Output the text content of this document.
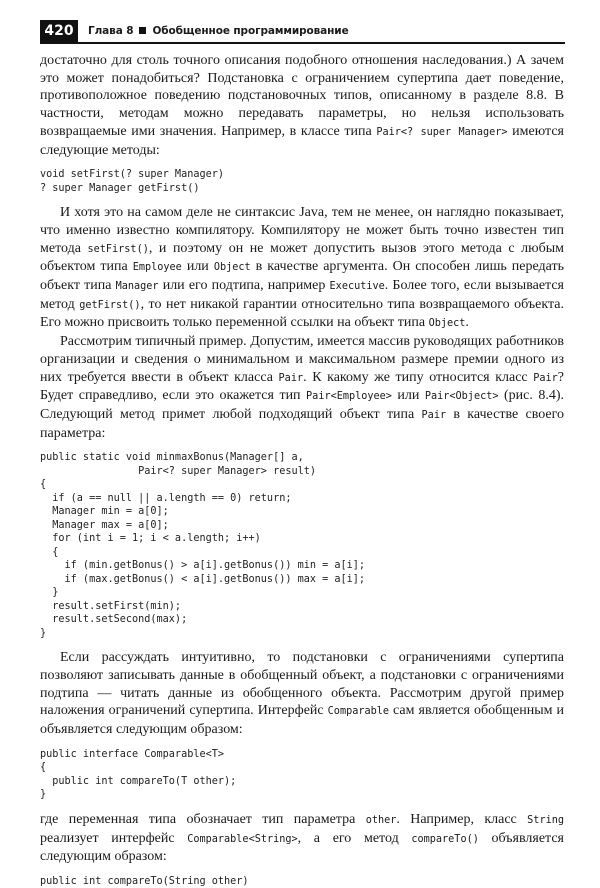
420	Глава 8 Обобщенное программирование

достаточно для столь точного описания подобного отношения наследования.) А зачем это может понадобиться? Подстановка с ограничением супертипа дает поведение, противоположное поведению подстановочных типов, описанному в разделе 8.8. В частности, методам можно передавать параметры, но нельзя использовать возвращаемые ими значения. Например, в классе типа Pair<? super Manager> имеются следующие методы:

void setFirst(? super Manager)
? super Manager getFirst()

И хотя это на самом деле не синтаксис Java, тем не менее, он наглядно показывает, что именно известно компилятору. Компилятору не может быть точно известен тип метода setFirst(), и поэтому он не может допустить вызов этого метода с любым объектом типа Employee или Object в качестве аргумента. Он способен лишь передать объект типа Manager или его подтипа, например Executive. Более того, если вызывается метод getFirst(), то нет никакой гарантии относительно типа возвращаемого объекта. Его можно присвоить только переменной ссылки на объект типа Object.

Рассмотрим типичный пример. Допустим, имеется массив руководящих работников организации и сведения о минимальном и максимальном размере премии одного из них требуется ввести в объект класса Pair. К какому же типу относится класс Pair? Будет справедливо, если это окажется тип Pair<Employee> или Pair<Object> (рис. 8.4). Следующий метод примет любой подходящий объект типа Pair в качестве своего параметра:

public static void minmaxBonus(Manager[] a,
Pair<? super Manager> result)
{
if (a == null || a.length == 0) return;
Manager min = a[0];
Manager max = a[0];
for (int i = 1; i < a.length; i++)
{
if (min.getBonus() > a[i].getBonus()) min = a[i];
if (max.getBonus() < a[i].getBonus()) max = a[i];
}
result.setFirst(min);
result.setSecond(max);
}

Если рассуждать интуитивно, то подстановки с ограничениями супертипа позволяют записывать данные в обобщенный объект, а подстановки с ограничениями подтипа — читать данные из обобщенного объекта. Рассмотрим другой пример наложения ограничений супертипа. Интерфейс Comparable сам является обобщенным и объявляется следующим образом:

public interface Comparable<T>
{
public int compareTo(T other);
}

где переменная типа обозначает тип параметра other. Например, класс String реализует интерфейс Comparable<String>, а его метод compareTo() объявляется следующим образом:

public int compareTo(String other)
